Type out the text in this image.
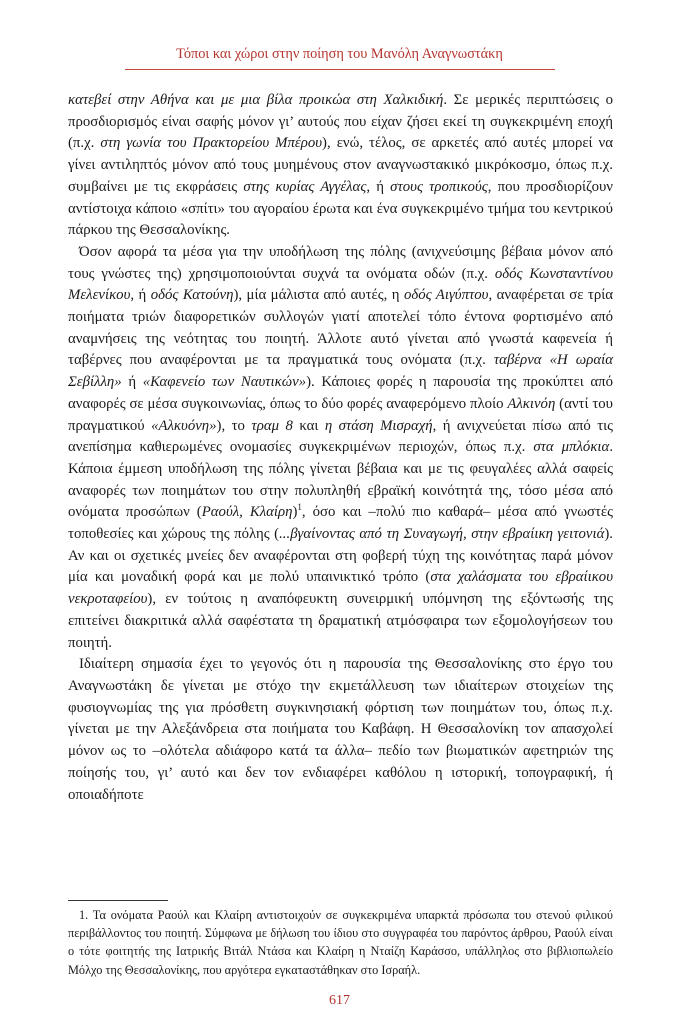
Τόποι και χώροι στην ποίηση του Μανόλη Αναγνωστάκη

κατεβεί στην Αθήνα και με μια βίλα προικώα στη Χαλκιδική. Σε μερικές περιπτώσεις ο προσδιορισμός είναι σαφής μόνον γι’ αυτούς που είχαν ζήσει εκεί τη συγκεκριμένη εποχή (π.χ. στη γωνία του Πρακτορείου Μπέρου), ενώ, τέλος, σε αρκετές από αυτές μπορεί να γίνει αντιληπτός μόνον από τους μυημένους στον αναγνωστακικό μικρόκοσμο, όπως π.χ. συμβαίνει με τις εκφράσεις στης κυρίας Αγγέλας, ή στους τροπικούς, που προσδιορίζουν αντίστοιχα κάποιο «σπίτι» του αγοραίου έρωτα και ένα συγκεκριμένο τμήμα του κεντρικού πάρκου της Θεσσαλονίκης.

Όσον αφορά τα μέσα για την υποδήλωση της πόλης (ανιχνεύσιμης βέβαια μόνον από τους γνώστες της) χρησιμοποιούνται συχνά τα ονόματα οδών (π.χ. οδός Κωνσταντίνου Μελενίκου, ή οδός Κατούνη), μία μάλιστα από αυτές, η οδός Αιγύπτου, αναφέρεται σε τρία ποιήματα τριών διαφορετικών συλλογών γιατί αποτελεί τόπο έντονα φορτισμένο από αναμνήσεις της νεότητας του ποιητή. Άλλοτε αυτό γίνεται από γνωστά καφενεία ή ταβέρνες που αναφέρονται με τα πραγματικά τους ονόματα (π.χ. ταβέρνα «Η ωραία Σεβίλλη» ή «Καφενείο των Ναυτικών»). Κάποιες φορές η παρουσία της προκύπτει από αναφορές σε μέσα συγκοινωνίας, όπως το δύο φορές αναφερόμενο πλοίο Αλκινόη (αντί του πραγματικού «Αλκυόνη»), το τραμ 8 και η στάση Μισραχή, ή ανιχνεύεται πίσω από τις ανεπίσημα καθιερωμένες ονομασίες συγκεκριμένων περιοχών, όπως π.χ. στα μπλόκια. Κάποια έμμεση υποδήλωση της πόλης γίνεται βέβαια και με τις φευγαλέες αλλά σαφείς αναφορές των ποιημάτων του στην πολυπληθή εβραϊκή κοινότητά της, τόσο μέσα από ονόματα προσώπων (Ραούλ, Κλαίρη)$^1$, όσο και –πολύ πιο καθαρά– μέσα από γνωστές τοποθεσίες και χώρους της πόλης (...βγαίνοντας από τη Συναγωγή, στην εβραίικη γειτονιά). Αν και οι σχετικές μνείες δεν αναφέρονται στη φοβερή τύχη της κοινότητας παρά μόνον μία και μοναδική φορά και με πολύ υπαινικτικό τρόπο (στα χαλάσματα του εβραίικου νεκροταφείου), εν τούτοις η αναπόφευκτη συνειρμική υπόμνηση της εξόντωσής της επιτείνει διακριτικά αλλά σαφέστατα τη δραματική ατμόσφαιρα των εξομολογήσεων του ποιητή.

Ιδιαίτερη σημασία έχει το γεγονός ότι η παρουσία της Θεσσαλονίκης στο έργο του Αναγνωστάκη δε γίνεται με στόχο την εκμετάλλευση των ιδιαίτερων στοιχείων της φυσιογνωμίας της για πρόσθετη συγκινησιακή φόρτιση των ποιημάτων του, όπως π.χ. γίνεται με την Αλεξάνδρεια στα ποιήματα του Καβάφη. Η Θεσσαλονίκη τον απασχολεί μόνον ως το –ολότελα αδιάφορο κατά τα άλλα– πεδίο των βιωματικών αφετηριών της ποίησής του, γι’ αυτό και δεν τον ενδιαφέρει καθόλου η ιστορική, τοπογραφική, ή οποιαδήποτε

1. Τα ονόματα Ραούλ και Κλαίρη αντιστοιχούν σε συγκεκριμένα υπαρκτά πρόσωπα του στενού φιλικού περιβάλλοντος του ποιητή. Σύμφωνα με δήλωση του ίδιου στο συγγραφέα του παρόντος άρθρου, Ραούλ είναι ο τότε φοιτητής της Ιατρικής Βιτάλ Ντάσα και Κλαίρη η Νταίζη Καράσσο, υπάλληλος στο βιβλιοπωλείο Μόλχο της Θεσσαλονίκης, που αργότερα εγκαταστάθηκαν στο Ισραήλ.

617
